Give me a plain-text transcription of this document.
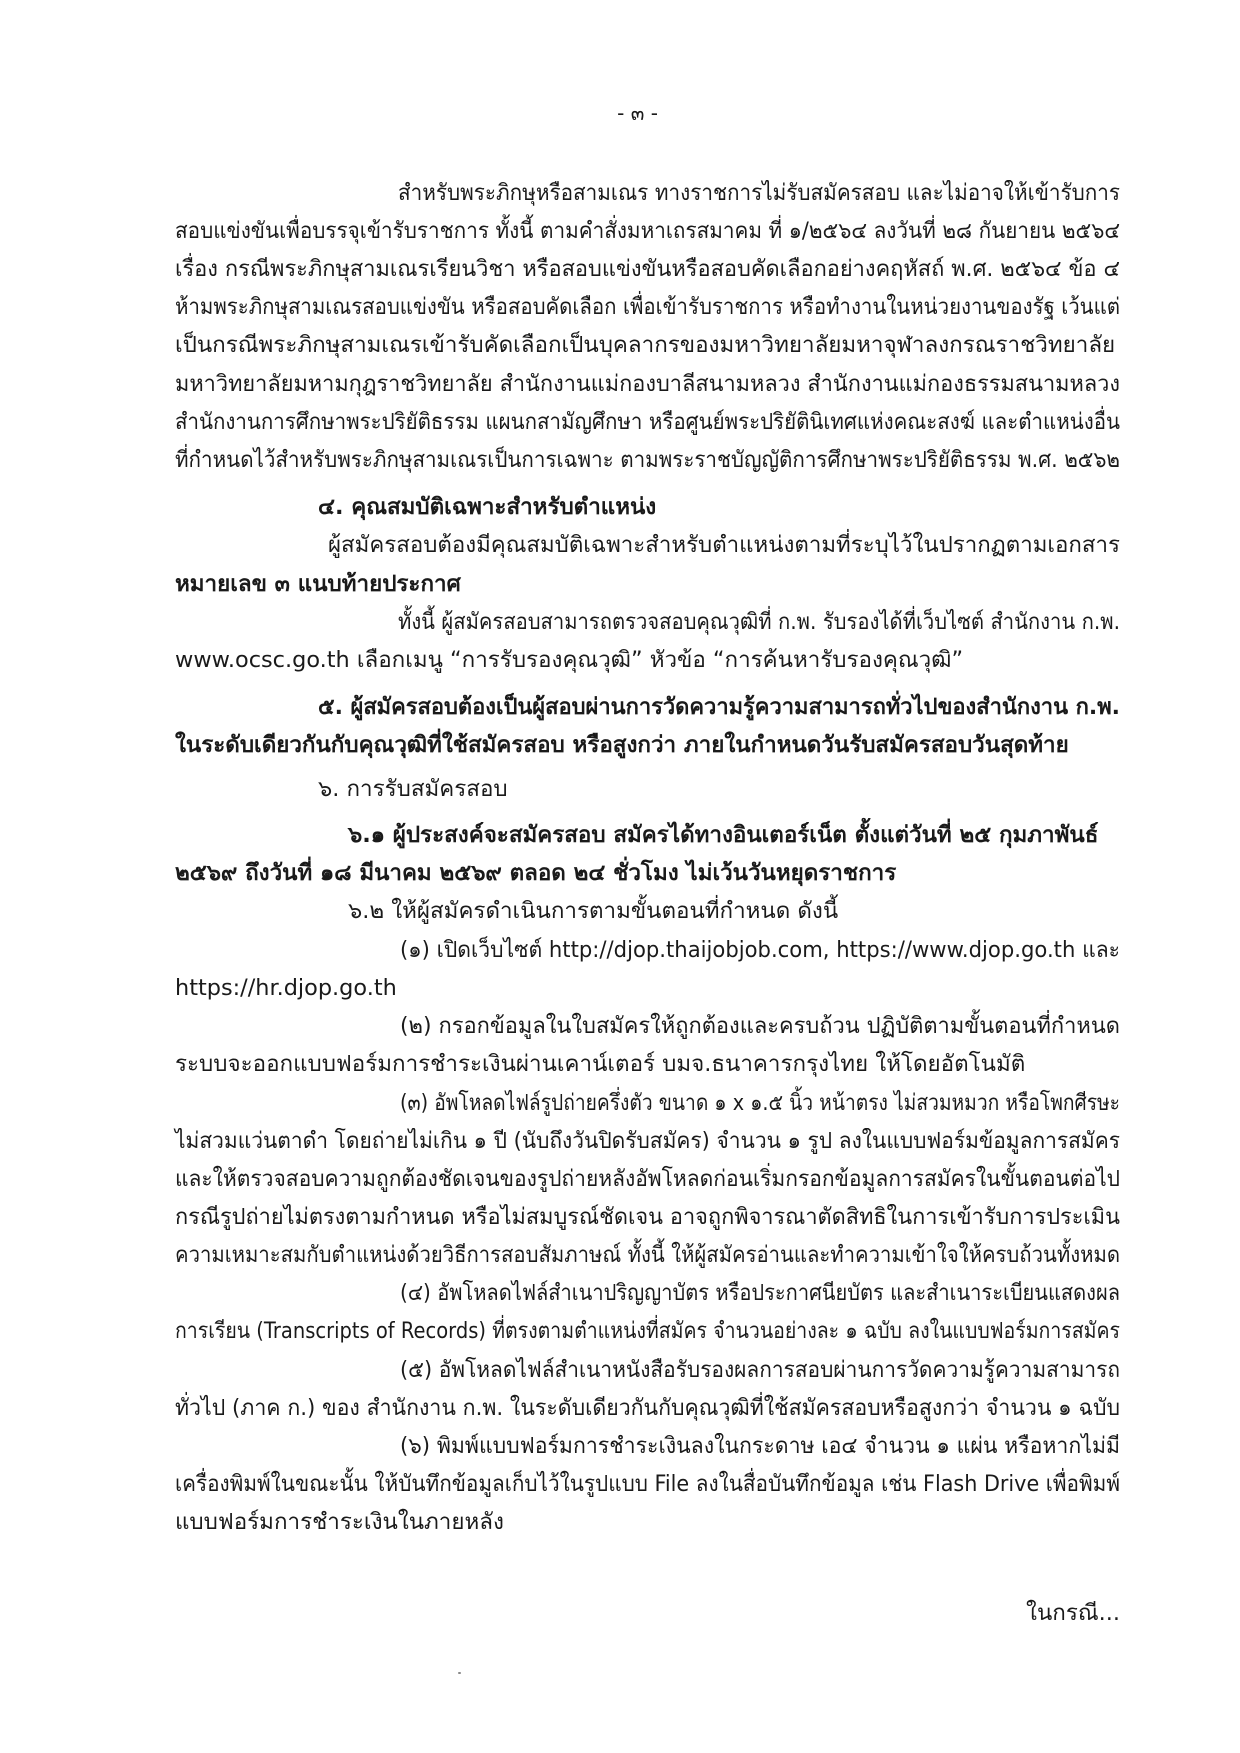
- ๓ -
สำหรับพระภิกษุหรือสามเณร ทางราชการไม่รับสมัครสอบ และไม่อาจให้เข้ารับการ
สอบแข่งขันเพื่อบรรจุเข้ารับราชการ ทั้งนี้ ตามคำสั่งมหาเถรสมาคม ที่ ๑/๒๕๖๔ ลงวันที่ ๒๘ กันยายน ๒๕๖๔
เรื่อง กรณีพระภิกษุสามเณรเรียนวิชา หรือสอบแข่งขันหรือสอบคัดเลือกอย่างคฤหัสถ์ พ.ศ. ๒๕๖๔ ข้อ ๔
ห้ามพระภิกษุสามเณรสอบแข่งขัน หรือสอบคัดเลือก เพื่อเข้ารับราชการ หรือทำงานในหน่วยงานของรัฐ เว้นแต่
เป็นกรณีพระภิกษุสามเณรเข้ารับคัดเลือกเป็นบุคลากรของมหาวิทยาลัยมหาจุฬาลงกรณราชวิทยาลัย
มหาวิทยาลัยมหามกุฎราชวิทยาลัย สำนักงานแม่กองบาลีสนามหลวง สำนักงานแม่กองธรรมสนามหลวง
สำนักงานการศึกษาพระปริยัติธรรม แผนกสามัญศึกษา หรือศูนย์พระปริยัตินิเทศแห่งคณะสงฆ์ และตำแหน่งอื่น
ที่กำหนดไว้สำหรับพระภิกษุสามเณรเป็นการเฉพาะ ตามพระราชบัญญัติการศึกษาพระปริยัติธรรม พ.ศ. ๒๕๖๒
๔. คุณสมบัติเฉพาะสำหรับตำแหน่ง
ผู้สมัครสอบต้องมีคุณสมบัติเฉพาะสำหรับตำแหน่งตามที่ระบุไว้ในปรากฏตามเอกสาร
หมายเลข ๓ แนบท้ายประกาศ
ทั้งนี้ ผู้สมัครสอบสามารถตรวจสอบคุณวุฒิที่ ก.พ. รับรองได้ที่เว็บไซต์ สำนักงาน ก.พ.
www.ocsc.go.th เลือกเมนู “การรับรองคุณวุฒิ” หัวข้อ “การค้นหารับรองคุณวุฒิ”
๕. ผู้สมัครสอบต้องเป็นผู้สอบผ่านการวัดความรู้ความสามารถทั่วไปของสำนักงาน ก.พ.
ในระดับเดียวกันกับคุณวุฒิที่ใช้สมัครสอบ หรือสูงกว่า ภายในกำหนดวันรับสมัครสอบวันสุดท้าย
๖. การรับสมัครสอบ
๖.๑ ผู้ประสงค์จะสมัครสอบ สมัครได้ทางอินเตอร์เน็ต ตั้งแต่วันที่ ๒๕ กุมภาพันธ์
๒๕๖๙ ถึงวันที่ ๑๘ มีนาคม ๒๕๖๙ ตลอด ๒๔ ชั่วโมง ไม่เว้นวันหยุดราชการ
๖.๒ ให้ผู้สมัครดำเนินการตามขั้นตอนที่กำหนด ดังนี้
(๑) เปิดเว็บไซต์ http://djop.thaijobjob.com, https://www.djop.go.th และ
https://hr.djop.go.th
(๒) กรอกข้อมูลในใบสมัครให้ถูกต้องและครบถ้วน ปฏิบัติตามขั้นตอนที่กำหนด
ระบบจะออกแบบฟอร์มการชำระเงินผ่านเคาน์เตอร์ บมจ.ธนาคารกรุงไทย ให้โดยอัตโนมัติ
(๓) อัพโหลดไฟล์รูปถ่ายครึ่งตัว ขนาด ๑ x ๑.๕ นิ้ว หน้าตรง ไม่สวมหมวก หรือโพกศีรษะ
ไม่สวมแว่นตาดำ โดยถ่ายไม่เกิน ๑ ปี (นับถึงวันปิดรับสมัคร) จำนวน ๑ รูป ลงในแบบฟอร์มข้อมูลการสมัคร
และให้ตรวจสอบความถูกต้องชัดเจนของรูปถ่ายหลังอัพโหลดก่อนเริ่มกรอกข้อมูลการสมัครในขั้นตอนต่อไป
กรณีรูปถ่ายไม่ตรงตามกำหนด หรือไม่สมบูรณ์ชัดเจน อาจถูกพิจารณาตัดสิทธิในการเข้ารับการประเมิน
ความเหมาะสมกับตำแหน่งด้วยวิธีการสอบสัมภาษณ์ ทั้งนี้ ให้ผู้สมัครอ่านและทำความเข้าใจให้ครบถ้วนทั้งหมด
(๔) อัพโหลดไฟล์สำเนาปริญญาบัตร หรือประกาศนียบัตร และสำเนาระเบียนแสดงผล
การเรียน (Transcripts of Records) ที่ตรงตามตำแหน่งที่สมัคร จำนวนอย่างละ ๑ ฉบับ ลงในแบบฟอร์มการสมัคร
(๕) อัพโหลดไฟล์สำเนาหนังสือรับรองผลการสอบผ่านการวัดความรู้ความสามารถ
ทั่วไป (ภาค ก.) ของ สำนักงาน ก.พ. ในระดับเดียวกันกับคุณวุฒิที่ใช้สมัครสอบหรือสูงกว่า จำนวน ๑ ฉบับ
(๖) พิมพ์แบบฟอร์มการชำระเงินลงในกระดาษ เอ๔ จำนวน ๑ แผ่น หรือหากไม่มี
เครื่องพิมพ์ในขณะนั้น ให้บันทึกข้อมูลเก็บไว้ในรูปแบบ File ลงในสื่อบันทึกข้อมูล เช่น Flash Drive เพื่อพิมพ์
แบบฟอร์มการชำระเงินในภายหลัง
ในกรณี...
